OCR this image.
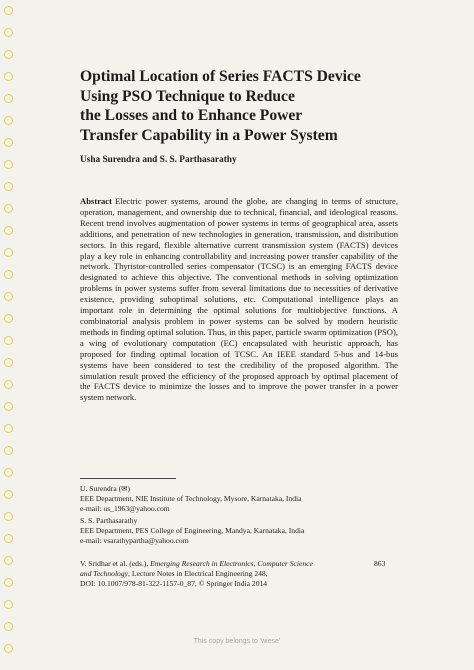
Optimal Location of Series FACTS Device
Using PSO Technique to Reduce
the Losses and to Enhance Power
Transfer Capability in a Power System
Usha Surendra and S. S. Parthasarathy

Abstract Electric power systems, around the globe, are changing in terms of structure, operation, management, and ownership due to technical, financial, and ideological reasons. Recent trend involves augmentation of power systems in terms of geographical area, assets additions, and penetration of new technologies in generation, transmission, and distribution sectors. In this regard, flexible alternative current transmission system (FACTS) devices play a key role in enhancing controllability and increasing power transfer capability of the network. Thyristor-controlled series compensator (TCSC) is an emerging FACTS device designated to achieve this objective. The conventional methods in solving optimization problems in power systems suffer from several limitations due to necessities of derivative existence, providing suboptimal solutions, etc. Computational intelligence plays an important role in determining the optimal solutions for multiobjective functions. A combinatorial analysis problem in power systems can be solved by modern heuristic methods in finding optimal solution. Thus, in this paper, particle swarm optimization (PSO), a wing of evolutionary computation (EC) encapsulated with heuristic approach, has proposed for finding optimal location of TCSC. An IEEE standard 5-bus and 14-bus systems have been considered to test the credibility of the proposed algorithm. The simulation result proved the efficiency of the proposed approach by optimal placement of the FACTS device to minimize the losses and to improve the power transfer in a power system network.

U. Surendra (✉)
EEE Department, NIE Institute of Technology, Mysore, Karnataka, India
e-mail: us_1963@yahoo.com
S. S. Parthasarathy
EEE Department, PES College of Engineering, Mandya, Karnataka, India
e-mail: vsarathypartha@yahoo.com
V. Sridhar et al. (eds.), Emerging Research in Electronics, Computer Science
and Technology, Lecture Notes in Electrical Engineering 248,
DOI: 10.1007/978-81-322-1157-0_87, © Springer India 2014
863
This copy belongs to 'wiese'
